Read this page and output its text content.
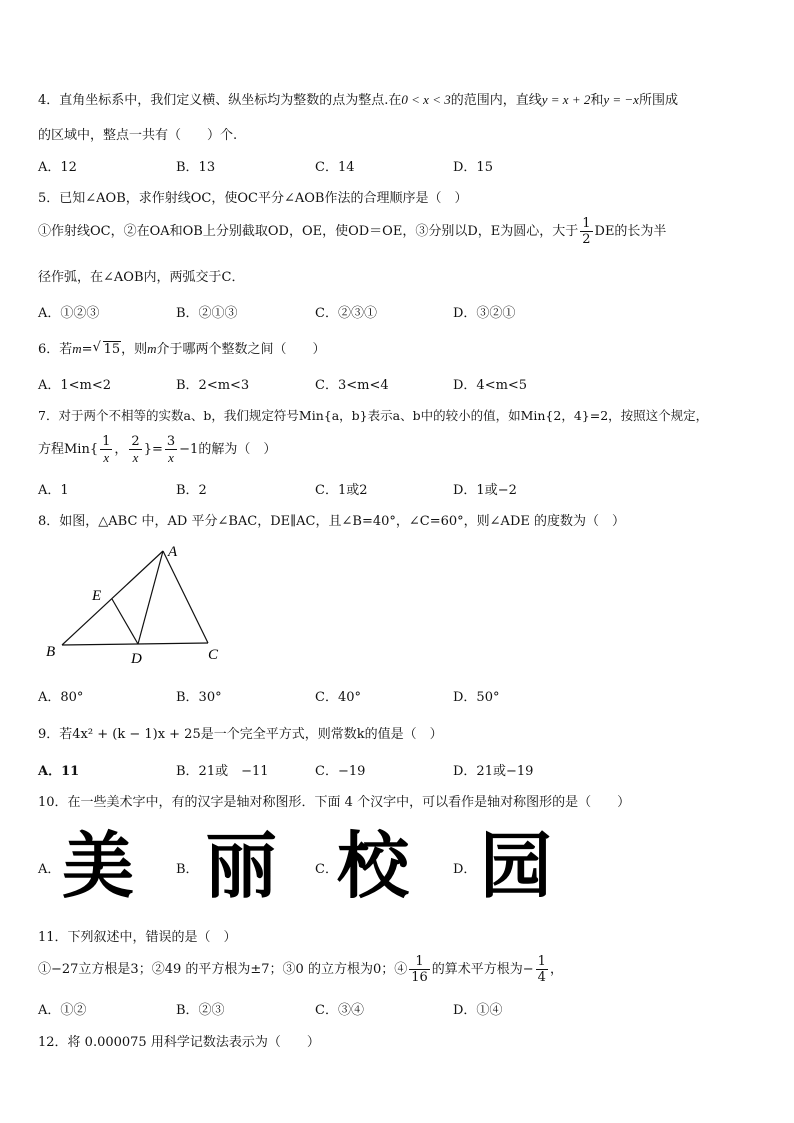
4．直角坐标系中，我们定义横、纵坐标均为整数的点为整点.在0 < x < 3的范围内，直线y = x + 2和y = −x所围成
的区域中，整点一共有（　　）个.
A．12	B．13	C．14	D．15
5．已知∠AOB，求作射线OC，使OC平分∠AOB作法的合理顺序是（　）
①作射线OC，②在OA和OB上分别截取OD，OE，使OD＝OE，③分别以D，E为圆心，大于 $\frac{1}{2}$ DE的长为半
径作弧，在∠AOB内，两弧交于C．
A．①②③	B．②①③	C．②③①	D．③②①
6．若m= √ 15，则m介于哪两个整数之间（　　）
A．1<m<2	B．2<m<3	C．3<m<4	D．4<m<5
7．对于两个不相等的实数a、b，我们规定符号Min{a，b}表示a、b中的较小的值，如Min{2，4}=2，按照这个规定，
方程$Min\{ \frac{1}{x}$ ， $\frac{2}{x}$ }= $\frac{3}{x} -1$的解为（　）
A．1	B．2	C．1或2	D．1或−2
8．如图，△ABC 中，AD 平分∠BAC，DE∥AC，且∠B=40°，∠C=60°，则∠ADE 的度数为（　）
A
B	C
D
E
A．80°	B．30°	C．40°	D．50°
9．若4x² + (k − 1)x + 25是一个完全平方式，则常数k的值是（　）
A．11	B．21或　−11	C．−19	D．21或−19
10．在一些美术字中，有的汉字是轴对称图形．下面 4 个汉字中，可以看作是轴对称图形的是（　　）
A．	B．	C．	D．
美 丽 校 园
11．下列叙述中，错误的是（　）
①−27立方根是3；②49 的平方根为±7；③0 的立方根为0；④ $\frac{1}{16}$ 的算术平方根为− $\frac{1}{4}$ ，
A．①②	B．②③	C．③④	D．①④
12．将 0.000075 用科学记数法表示为（　　）
